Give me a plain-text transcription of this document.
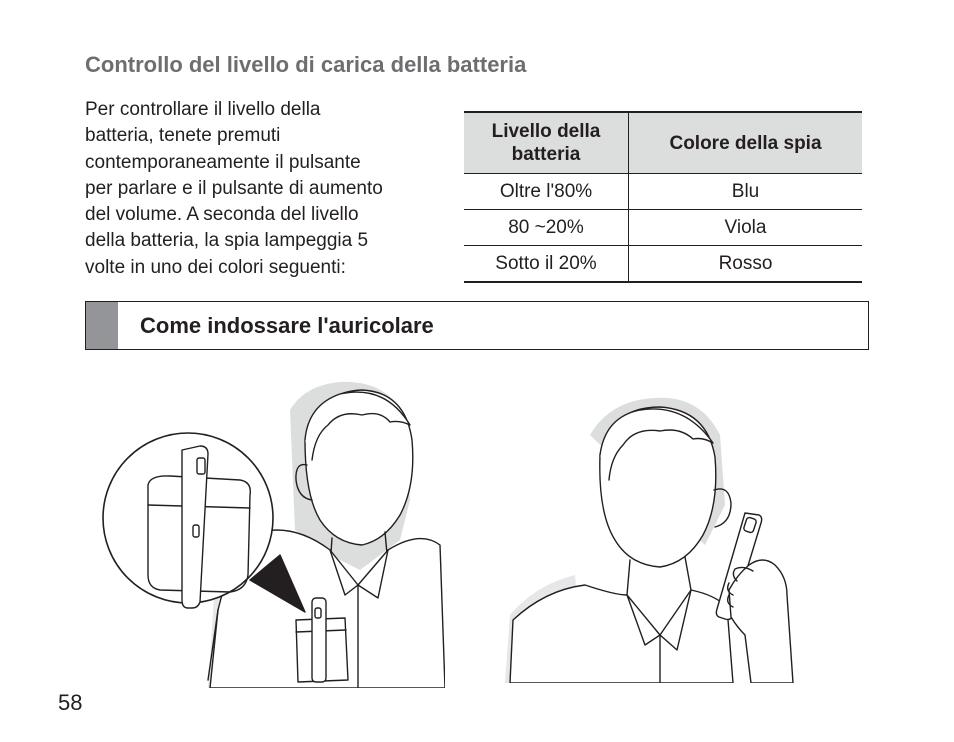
Controllo del livello di carica della batteria

Per controllare il livello della
batteria, tenete premuti
contemporaneamente il pulsante
per parlare e il pulsante di aumento
del volume. A seconda del livello
della batteria, la spia lampeggia 5
volte in uno dei colori seguenti:

Livello della batteria	Colore della spia
Oltre l'80%	Blu
80 ~20%	Viola
Sotto il 20%	Rosso
Come indossare l'auricolare
58
